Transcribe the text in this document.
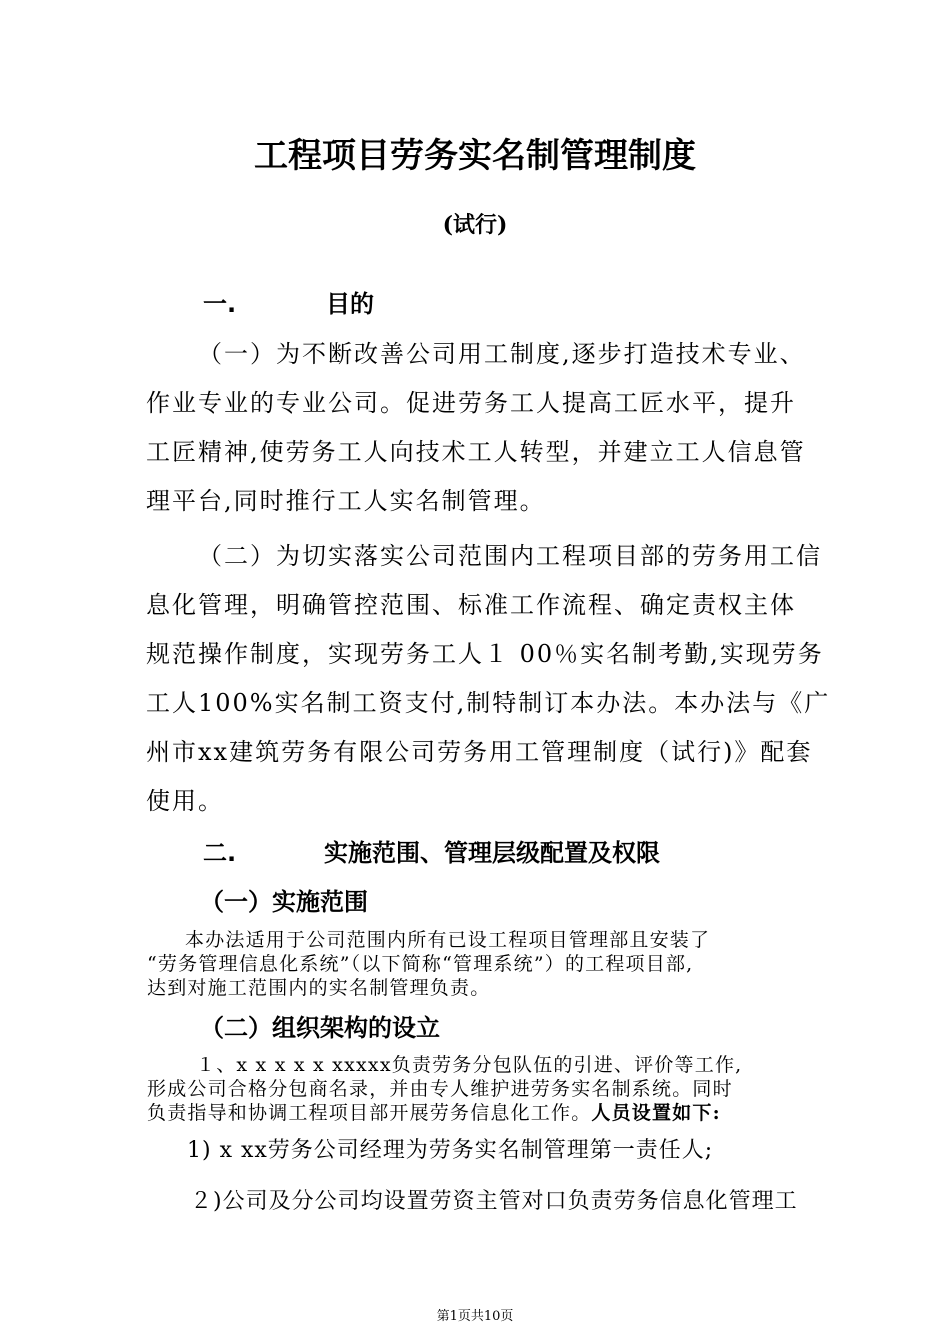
工程项目劳务实名制管理制度
(试行)
一.	目的
（一）为不断改善公司用工制度,逐步打造技术专业、
作业专业的专业公司。促进劳务工人提高工匠水平，提升
工匠精神,使劳务工人向技术工人转型，并建立工人信息管
理平台,同时推行工人实名制管理。
（二）为切实落实公司范围内工程项目部的劳务用工信
息化管理，明确管控范围、标准工作流程、确定责权主体
规范操作制度，实现劳务工人１ 00％实名制考勤,实现劳务
工人100%实名制工资支付,制特制订本办法。本办法与《广
州市xx建筑劳务有限公司劳务用工管理制度（试行)》配套
使用。
二.	实施范围、管理层级配置及权限
（一）实施范围
本办法适用于公司范围内所有已设工程项目管理部且安装了
“劳务管理信息化系统”（以下简称“管理系统”）的工程项目部,
达到对施工范围内的实名制管理负责。
（二）组织架构的设立
１、x x x x x xxxxx负责劳务分包队伍的引进、评价等工作,
形成公司合格分包商名录，并由专人维护进劳务实名制系统。同时
负责指导和协调工程项目部开展劳务信息化工作。人员设置如下:
1) x xx劳务公司经理为劳务实名制管理第一责任人;
２)公司及分公司均设置劳资主管对口负责劳务信息化管理工
第1页共10页
